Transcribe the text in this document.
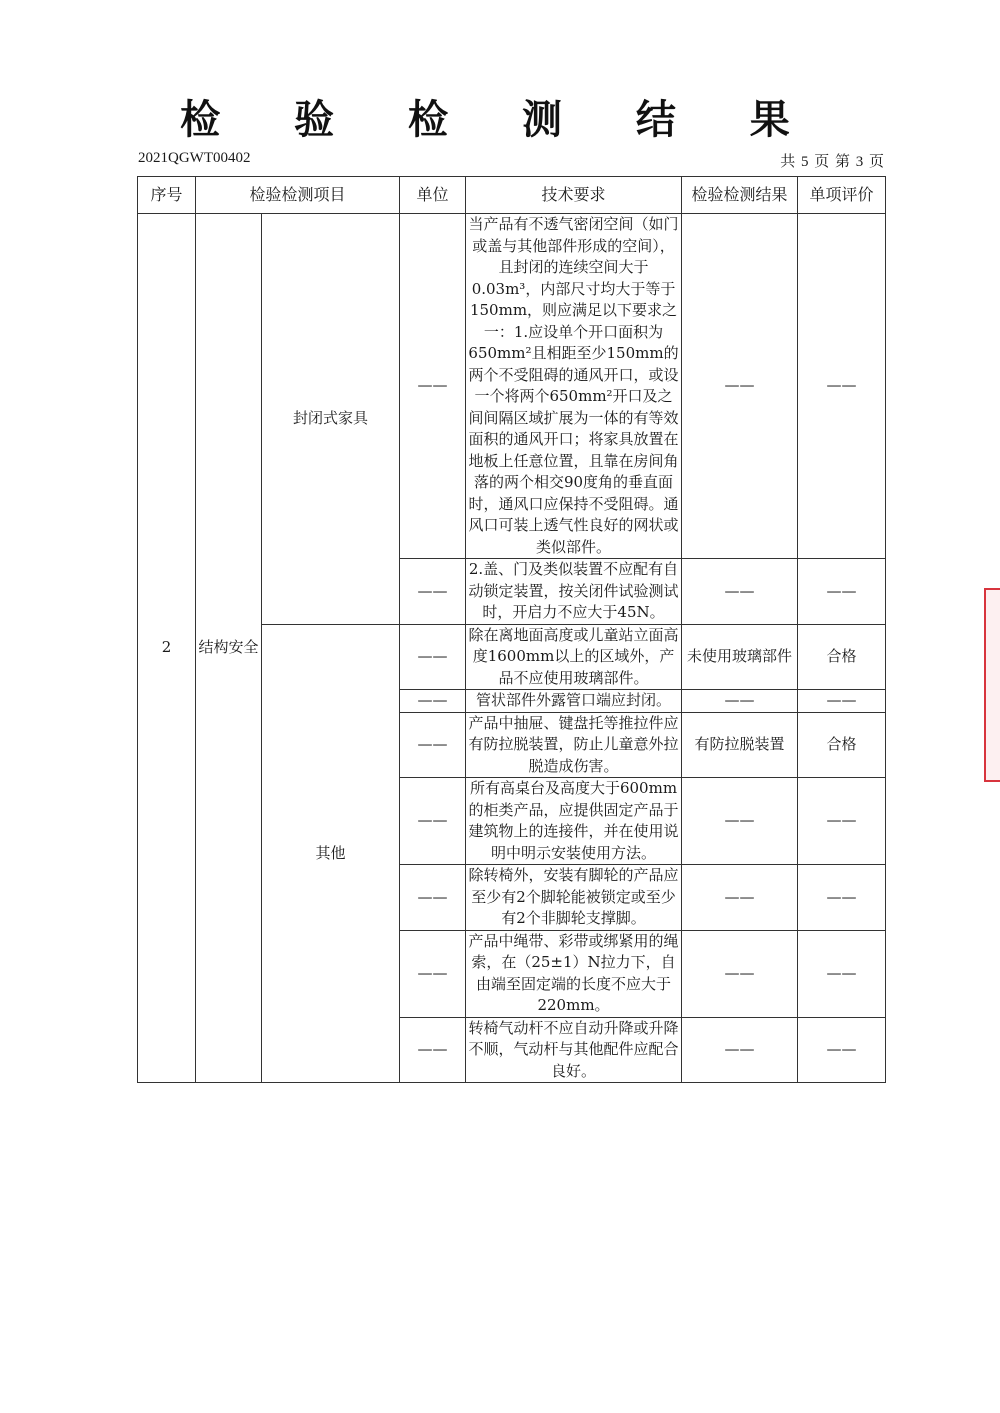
检 验 检 测 结 果
2021QGWT00402	共 5 页 第 3 页
序号	检验检测项目		单位	技术要求	检验检测结果	单项评价
2	结构安全	封闭式家具	——	当产品有不透气密闭空间（如门或盖与其他部件形成的空间），且封闭的连续空间大于0.03m³，内部尺寸均大于等于150mm，则应满足以下要求之一：1.应设单个开口面积为650mm²且相距至少150mm的两个不受阻碍的通风开口，或设一个将两个650mm²开口及之间间隔区域扩展为一体的有等效面积的通风开口；将家具放置在地板上任意位置，且靠在房间角落的两个相交90度角的垂直面时，通风口应保持不受阻碍。通风口可装上透气性良好的网状或类似部件。	——	——
			——	2.盖、门及类似装置不应配有自动锁定装置，按关闭件试验测试时，开启力不应大于45N。	——	——
		其他	——	除在离地面高度或儿童站立面高度1600mm以上的区域外，产品不应使用玻璃部件。	未使用玻璃部件	合格
			——	管状部件外露管口端应封闭。	——	——
			——	产品中抽屉、键盘托等推拉件应有防拉脱装置，防止儿童意外拉脱造成伤害。	有防拉脱装置	合格
			——	所有高桌台及高度大于600mm的柜类产品，应提供固定产品于建筑物上的连接件，并在使用说明中明示安装使用方法。	——	——
			——	除转椅外，安装有脚轮的产品应至少有2个脚轮能被锁定或至少有2个非脚轮支撑脚。	——	——
			——	产品中绳带、彩带或绑紧用的绳索，在（25±1）N拉力下，自由端至固定端的长度不应大于220mm。	——	——
			——	转椅气动杆不应自动升降或升降不顺，气动杆与其他配件应配合良好。	——	——
